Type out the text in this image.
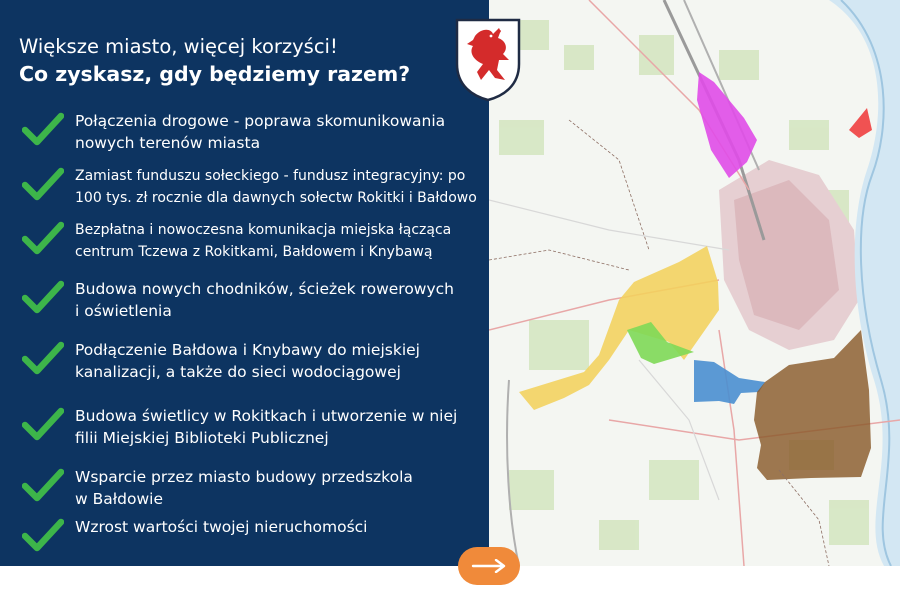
Większe miasto, więcej korzyści!
Co zyskasz, gdy będziemy razem?
Połączenia drogowe - poprawa skomunikowania
nowych terenów miasta
Zamiast funduszu sołeckiego - fundusz integracyjny: po
100 tys. zł rocznie dla dawnych sołectw Rokitki i Bałdowo
Bezpłatna i nowoczesna komunikacja miejska łącząca
centrum Tczewa z Rokitkami, Bałdowem i Knybawą
Budowa nowych chodników, ścieżek rowerowych
i oświetlenia
Podłączenie Bałdowa i Knybawy do miejskiej
kanalizacji, a także do sieci wodociągowej
Budowa świetlicy w Rokitkach i utworzenie w niej
filii Miejskiej Biblioteki Publicznej
Wsparcie przez miasto budowy przedszkola
w Bałdowie
Wzrost wartości twojej nieruchomości
